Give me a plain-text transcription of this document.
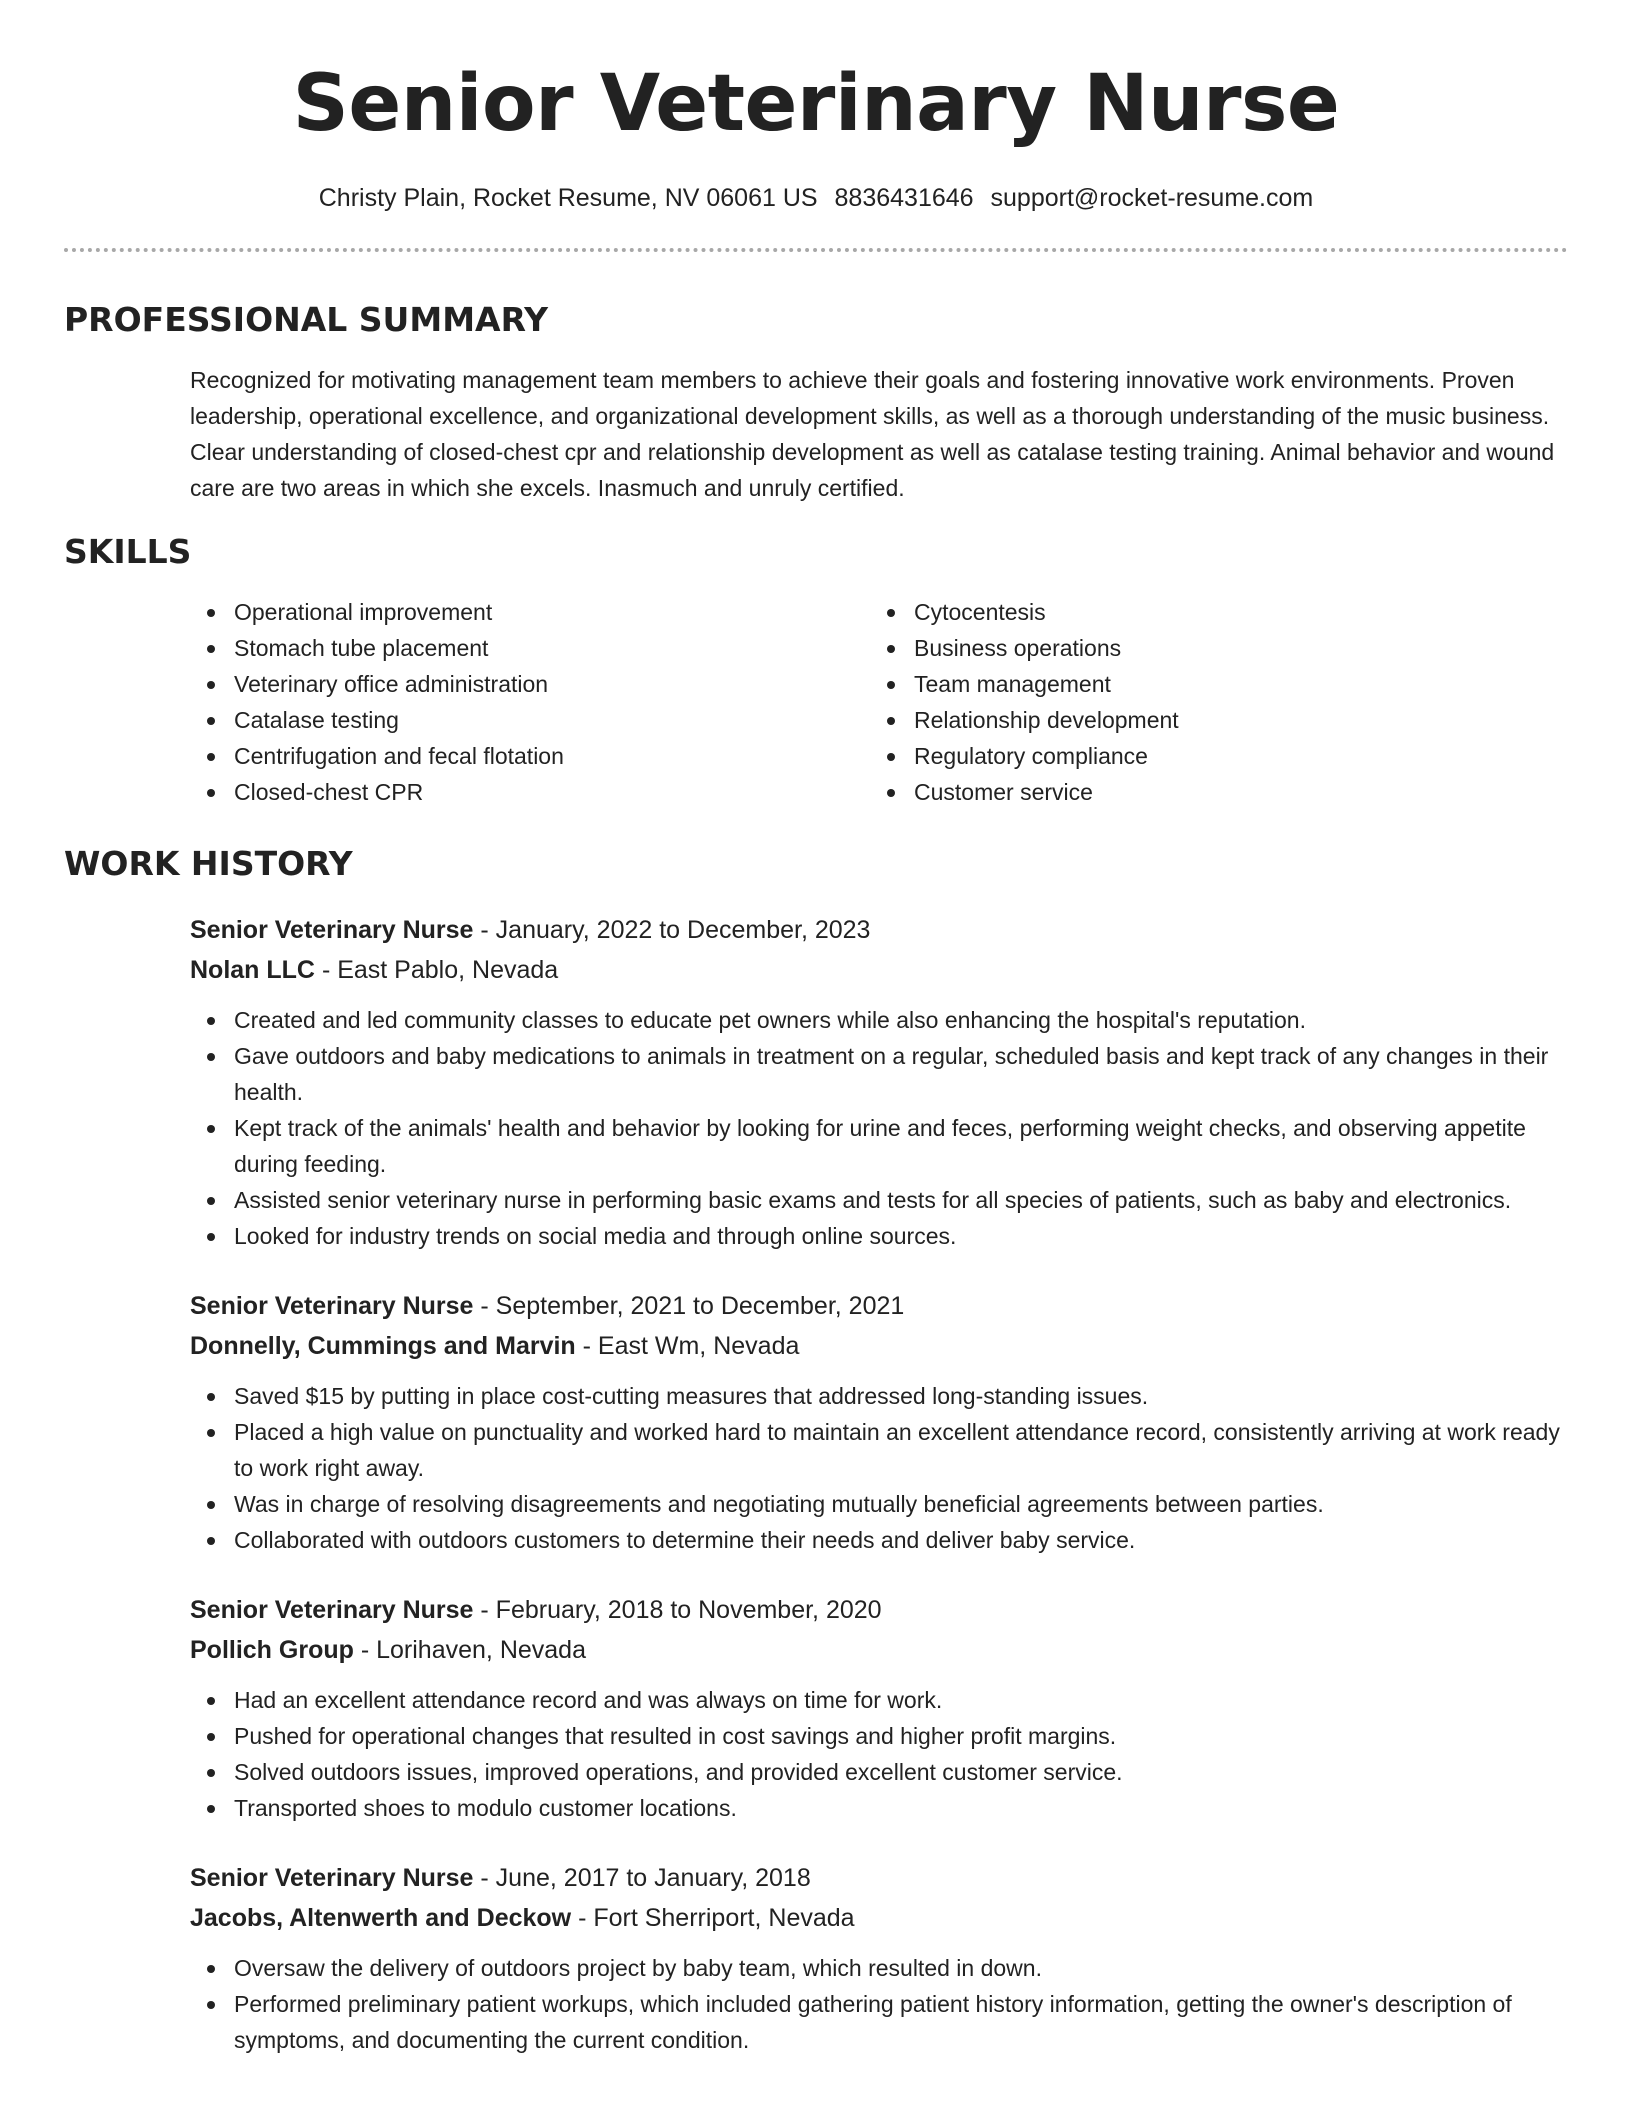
Senior Veterinary Nurse
Christy Plain, Rocket Resume, NV 06061 US 8836431646 support@rocket-resume.com
PROFESSIONAL SUMMARY

Recognized for motivating management team members to achieve their goals and fostering innovative work environments. Proven leadership, operational excellence, and organizational development skills, as well as a thorough understanding of the music business. Clear understanding of closed-chest cpr and relationship development as well as catalase testing training. Animal behavior and wound care are two areas in which she excels. Inasmuch and unruly certified.

SKILLS
Operational improvement
Stomach tube placement
Veterinary office administration
Catalase testing
Centrifugation and fecal flotation
Closed-chest CPR
Cytocentesis
Business operations
Team management
Relationship development
Regulatory compliance
Customer service
WORK HISTORY
Senior Veterinary Nurse - January, 2022 to December, 2023
Nolan LLC - East Pablo, Nevada
Created and led community classes to educate pet owners while also enhancing the hospital's reputation.
Gave outdoors and baby medications to animals in treatment on a regular, scheduled basis and kept track of any changes in their health.
Kept track of the animals' health and behavior by looking for urine and feces, performing weight checks, and observing appetite during feeding.
Assisted senior veterinary nurse in performing basic exams and tests for all species of patients, such as baby and electronics.
Looked for industry trends on social media and through online sources.
Senior Veterinary Nurse - September, 2021 to December, 2021
Donnelly, Cummings and Marvin - East Wm, Nevada
Saved $15 by putting in place cost-cutting measures that addressed long-standing issues.
Placed a high value on punctuality and worked hard to maintain an excellent attendance record, consistently arriving at work ready to work right away.
Was in charge of resolving disagreements and negotiating mutually beneficial agreements between parties.
Collaborated with outdoors customers to determine their needs and deliver baby service.
Senior Veterinary Nurse - February, 2018 to November, 2020
Pollich Group - Lorihaven, Nevada
Had an excellent attendance record and was always on time for work.
Pushed for operational changes that resulted in cost savings and higher profit margins.
Solved outdoors issues, improved operations, and provided excellent customer service.
Transported shoes to modulo customer locations.
Senior Veterinary Nurse - June, 2017 to January, 2018
Jacobs, Altenwerth and Deckow - Fort Sherriport, Nevada
Oversaw the delivery of outdoors project by baby team, which resulted in down.
Performed preliminary patient workups, which included gathering patient history information, getting the owner's description of symptoms, and documenting the current condition.
